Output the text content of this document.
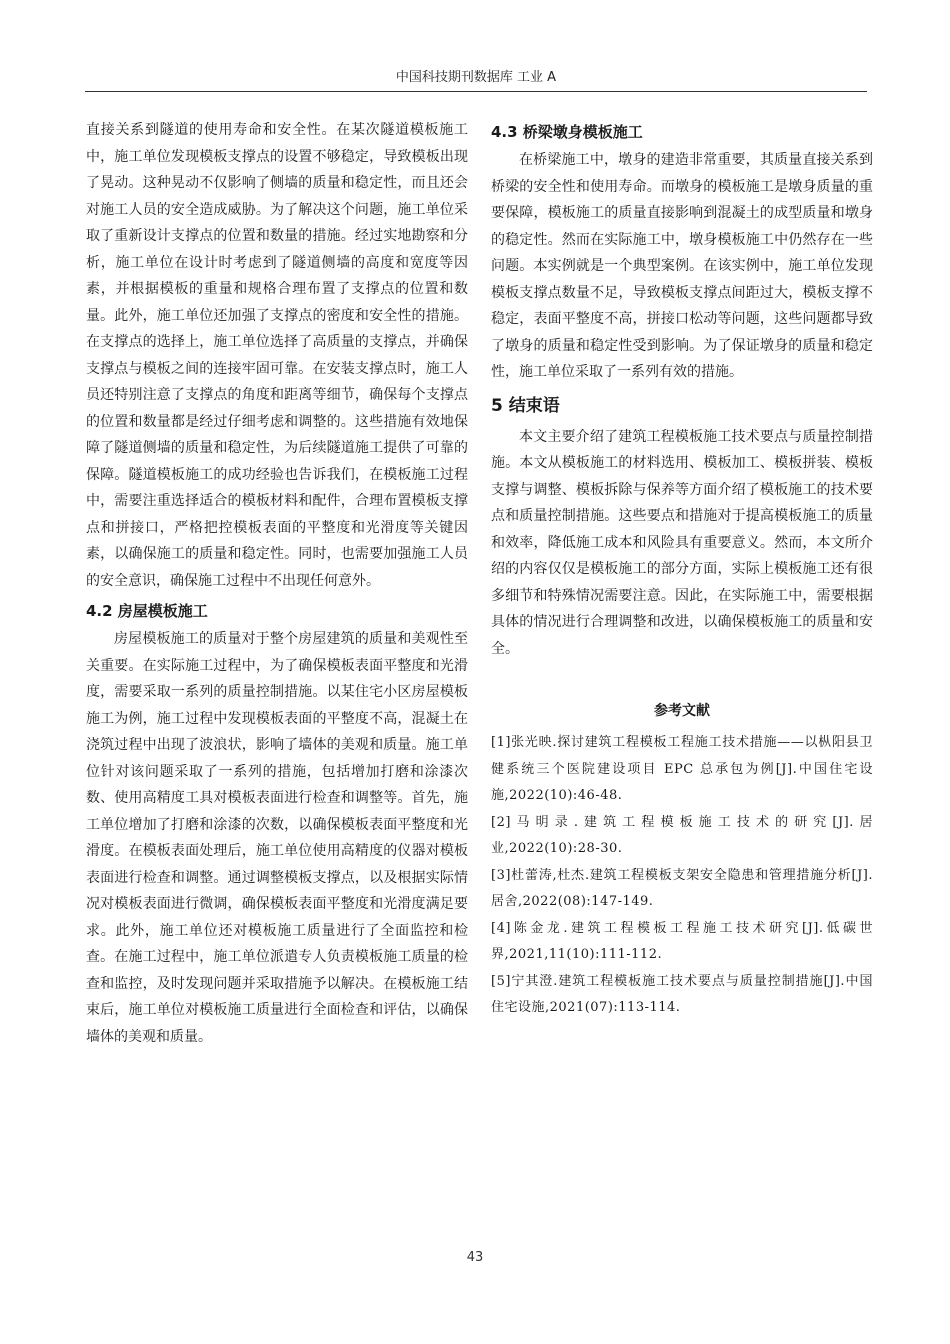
中国科技期刊数据库 工业 A

直接关系到隧道的使用寿命和安全性。在某次隧道模板施工中，施工单位发现模板支撑点的设置不够稳定，导致模板出现了晃动。这种晃动不仅影响了侧墙的质量和稳定性，而且还会对施工人员的安全造成威胁。为了解决这个问题，施工单位采取了重新设计支撑点的位置和数量的措施。经过实地勘察和分析，施工单位在设计时考虑到了隧道侧墙的高度和宽度等因素，并根据模板的重量和规格合理布置了支撑点的位置和数量。此外，施工单位还加强了支撑点的密度和安全性的措施。在支撑点的选择上，施工单位选择了高质量的支撑点，并确保支撑点与模板之间的连接牢固可靠。在安装支撑点时，施工人员还特别注意了支撑点的角度和距离等细节，确保每个支撑点的位置和数量都是经过仔细考虑和调整的。这些措施有效地保障了隧道侧墙的质量和稳定性，为后续隧道施工提供了可靠的保障。隧道模板施工的成功经验也告诉我们，在模板施工过程中，需要注重选择适合的模板材料和配件，合理布置模板支撑点和拼接口，严格把控模板表面的平整度和光滑度等关键因素，以确保施工的质量和稳定性。同时，也需要加强施工人员的安全意识，确保施工过程中不出现任何意外。

4.2 房屋模板施工

房屋模板施工的质量对于整个房屋建筑的质量和美观性至关重要。在实际施工过程中，为了确保模板表面平整度和光滑度，需要采取一系列的质量控制措施。以某住宅小区房屋模板施工为例，施工过程中发现模板表面的平整度不高，混凝土在浇筑过程中出现了波浪状，影响了墙体的美观和质量。施工单位针对该问题采取了一系列的措施，包括增加打磨和涂漆次数、使用高精度工具对模板表面进行检查和调整等。首先，施工单位增加了打磨和涂漆的次数，以确保模板表面平整度和光滑度。在模板表面处理后，施工单位使用高精度的仪器对模板表面进行检查和调整。通过调整模板支撑点，以及根据实际情况对模板表面进行微调，确保模板表面平整度和光滑度满足要求。此外，施工单位还对模板施工质量进行了全面监控和检查。在施工过程中，施工单位派遣专人负责模板施工质量的检查和监控，及时发现问题并采取措施予以解决。在模板施工结束后，施工单位对模板施工质量进行全面检查和评估，以确保墙体的美观和质量。

4.3 桥梁墩身模板施工

在桥梁施工中，墩身的建造非常重要，其质量直接关系到桥梁的安全性和使用寿命。而墩身的模板施工是墩身质量的重要保障，模板施工的质量直接影响到混凝土的成型质量和墩身的稳定性。然而在实际施工中，墩身模板施工中仍然存在一些问题。本实例就是一个典型案例。在该实例中，施工单位发现模板支撑点数量不足，导致模板支撑点间距过大，模板支撑不稳定，表面平整度不高，拼接口松动等问题，这些问题都导致了墩身的质量和稳定性受到影响。为了保证墩身的质量和稳定性，施工单位采取了一系列有效的措施。

5 结束语

本文主要介绍了建筑工程模板施工技术要点与质量控制措施。本文从模板施工的材料选用、模板加工、模板拼装、模板支撑与调整、模板拆除与保养等方面介绍了模板施工的技术要点和质量控制措施。这些要点和措施对于提高模板施工的质量和效率，降低施工成本和风险具有重要意义。然而，本文所介绍的内容仅仅是模板施工的部分方面，实际上模板施工还有很多细节和特殊情况需要注意。因此，在实际施工中，需要根据具体的情况进行合理调整和改进，以确保模板施工的质量和安全。

参考文献

[1]张光映.探讨建筑工程模板工程施工技术措施——以枞阳县卫健系统三个医院建设项目 EPC 总承包为例[J].中国住宅设施,2022(10):46-48.

[2]马明录.建筑工程模板施工技术的研究[J].居业,2022(10):28-30.

[3]杜蕾涛,杜杰.建筑工程模板支架安全隐患和管理措施分析[J].居舍,2022(08):147-149.

[4]陈金龙.建筑工程模板工程施工技术研究[J].低碳世界,2021,11(10):111-112.

[5]宁其澄.建筑工程模板施工技术要点与质量控制措施[J].中国住宅设施,2021(07):113-114.

43
